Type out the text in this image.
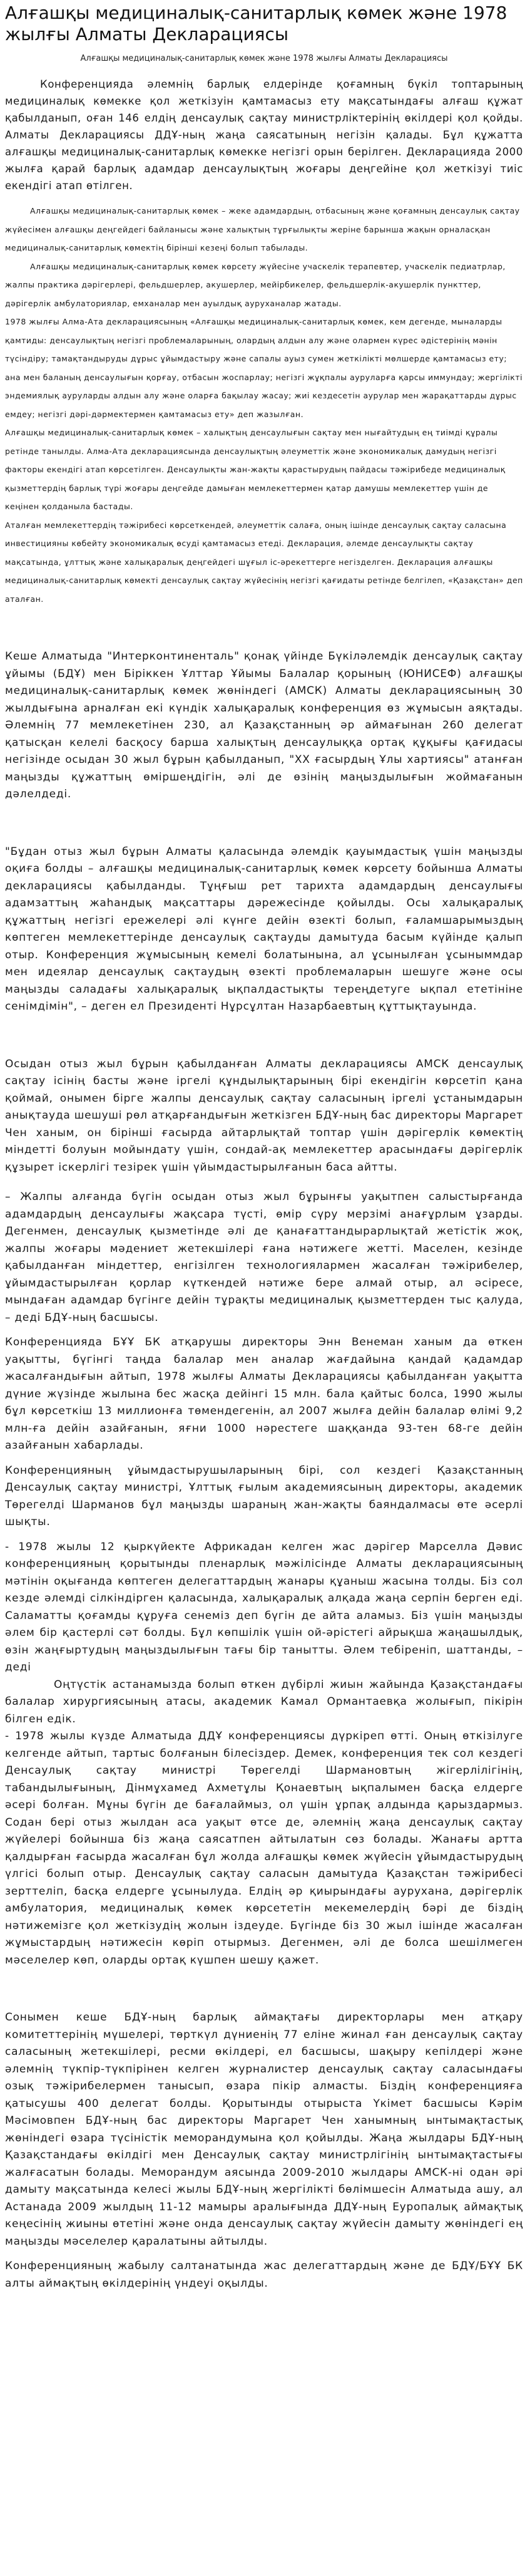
Алғашқы медициналық-санитарлық көмек және 1978 жылғы Алматы Декларациясы
Алғашқы медициналық-санитарлық көмек және 1978 жылғы Алматы Декларациясы

Конференцияда әлемнің барлық елдерінде қоғамның бүкіл топтарының медициналық көмекке қол жеткізуін қамтамасыз ету мақсатындағы алғаш құжат қабылданып, оған 146 елдің денсаулық сақтау министрліктерінің өкілдері қол қойды. Алматы Декларациясы ДДҰ-ның жаңа саясатының негізін қалады. Бұл құжатта алғашқы медициналық-санитарлық көмекке негізгі орын берілген. Декларацияда 2000 жылға қарай барлық адамдар денсаулықтың жоғары деңгейіне қол жеткізуі тиіс екендігі атап өтілген.

Алғашқы медициналық-санитарлық көмек – жеке адамдардың, отбасының және қоғамның денсаулық сақтау жүйесімен алғашқы деңгейдегі байланысы және халықтың тұрғылықты жеріне барынша жақын орналасқан медициналық-санитарлық көмектің бірінші кезеңі болып табылады.

Алғашқы медициналық-санитарлық көмек көрсету жүйесіне учаскелік терапевтер, учаскелік педиатрлар, жалпы практика дәрігерлері, фельдшерлер, акушерлер, мейірбикелер, фельдшерлік-акушерлік пункттер, дәрігерлік амбулаториялар, емханалар мен ауылдық ауруханалар жатады.

1978 жылғы Алма-Ата декларациясының «Алғашқы медициналық-санитарлық көмек, кем дегенде, мыналарды қамтиды: денсаулықтың негізгі проблемаларының, олардың алдын алу және олармен күрес әдістерінің мәнін түсіндіру; тамақтандыруды дұрыс ұйымдастыру және сапалы ауыз сумен жеткілікті мөлшерде қамтамасыз ету; ана мен баланың денсаулығын қорғау, отбасын жоспарлау; негізгі жұқпалы ауруларға қарсы иммундау; жергілікті эндемиялық ауруларды алдын алу және оларға бақылау жасау; жиі кездесетін аурулар мен жарақаттарды дұрыс емдеу; негізгі дәрі-дәрмектермен қамтамасыз ету» деп жазылған.

Алғашқы медициналық-санитарлық көмек – халықтың денсаулығын сақтау мен нығайтудың ең тиімді құралы ретінде танылды. Алма-Ата декларациясында денсаулықтың әлеуметтік және экономикалық дамудың негізгі факторы екендігі атап көрсетілген. Денсаулықты жан-жақты қарастырудың пайдасы тәжірибеде медициналық қызметтердің барлық түрі жоғары деңгейде дамыған мемлекеттермен қатар дамушы мемлекеттер үшін де кеңінен қолданыла бастады.

Аталған мемлекеттердің тәжірибесі көрсеткендей, әлеуметтік салаға, оның ішінде денсаулық сақтау саласына инвестицияны көбейту экономикалық өсуді қамтамасыз етеді. Декларация, әлемде денсаулықты сақтау мақсатында, ұлттық және халықаралық деңгейдегі шұғыл іс-әрекеттерге негізделген. Декларация алғашқы медициналық-санитарлық көмекті денсаулық сақтау жүйесінің негізгі қағидаты ретінде белгілеп, «Қазақстан» деп аталған.

Кеше Алматыда "Интерконтиненталь" қонақ үйінде Бүкіләлемдік денсаулық сақтау ұйымы (БДҰ) мен Біріккен Ұлттар Ұйымы Балалар қорының (ЮНИСЕФ) алғашқы медициналық-санитарлық көмек жөніндегі (АМСК) Алматы декларациясының 30 жылдығына арналған екі күндік халықаралық конференция өз жұмысын аяқтады. Әлемнің 77 мемлекетінен 230, ал Қазақстанның әр аймағынан 260 делегат қатысқан келелі басқосу барша халықтың денсаулыққа ортақ құқығы қағидасы негізінде осыдан 30 жыл бұрын қабылданып, "ХХ ғасырдың Ұлы хартиясы" атанған маңызды құжаттың өміршеңдігін, әлі де өзінің маңыздылығын жоймағанын дәлелдеді.

"Бұдан отыз жыл бұрын Алматы қаласында әлемдік қауымдастық үшін маңызды оқиға болды – алғашқы медициналық-санитарлық көмек көрсету бойынша Алматы декларациясы қабылданды. Тұңғыш рет тарихта адамдардың денсаулығы адамзаттың жаһандық мақсаттары дәрежесінде қойылды. Осы халықаралық құжаттың негізгі ережелері әлі күнге дейін өзекті болып, ғаламшарымыздың көптеген мемлекеттерінде денсаулық сақтауды дамытуда басым күйінде қалып отыр. Конференция жұмысының кемелі болатынына, ал ұсынылған ұсыныммдар мен идеялар денсаулық сақтаудың өзекті проблемаларын шешуге және осы маңызды саладағы халықаралық ықпалдастықты тереңдетуге ықпал ететініне сенімдімін", – деген ел Президенті Нұрсұлтан Назарбаевтың құттықтауында.

Осыдан отыз жыл бұрын қабылданған Алматы декларациясы АМСК денсаулық сақтау ісінің басты және іргелі құндылықтарының бірі екендігін көрсетіп қана қоймай, онымен бірге жалпы денсаулық сақтау саласының іргелі ұстанымдарын анықтауда шешуші рөл атқарғандығын жеткізген БДҰ-ның бас директоры Маргарет Чен ханым, он бірінші ғасырда айтарлықтай топтар үшін дәрігерлік көмектің міндетті болуын мойындату үшін, сондай-ақ мемлекеттер арасындағы дәрігерлік құзырет іскерлігі тезірек үшін үйымдастырылғанын баса айтты.

– Жалпы алғанда бүгін осыдан отыз жыл бұрынғы уақытпен салыстырғанда адамдардың денсаулығы жақсара түсті, өмір сүру мерзімі анағұрлым ұзарды. Дегенмен, денсаулық қызметінде әлі де қанағаттандырарлықтай жетістік жоқ, жалпы жоғары мәдениет жетекшілері ғана нәтижеге жетті. Маселен, кезінде қабылданған міндеттер, енгізілген технологиялармен жасалған тәжірибелер, ұйымдастырылған қорлар күткендей нәтиже бере алмай отыр, ал әсіресе, мындаған адамдар бүгінге дейін тұрақты медициналық қызметтерден тыс қалуда, – деді БДҰ-ның басшысы.

Конференцияда БҰҰ БК атқарушы директоры Энн Венеман ханым да өткен уақытты, бүгінгі таңда балалар мен аналар жағдайына қандай қадамдар жасалғандығын айтып, 1978 жылғы Алматы Декларациясы қабылданған уақытта дүние жүзінде жылына бес жасқа дейінгі 15 млн. бала қайтыс болса, 1990 жылы бұл көрсеткіш 13 миллионға төмендегенін, ал 2007 жылға дейін балалар өлімі 9,2 млн-ға дейін азайғанын, яғни 1000 нәрестеге шаққанда 93-тен 68-ге дейін азайғанын хабарлады.

Конференцияның ұйымдастырушыларының бірі, сол кездегі Қазақстанның Денсаулық сақтау министрі, Ұлттық ғылым академиясының директоры, академик Төрегелді Шарманов бұл маңызды шараның жан-жақты баяндалмасы өте әсерлі шықты.

- 1978 жылы 12 қыркүйекте Африкадан келген жас дәрігер Марселла Дәвис конференцияның қорытынды пленарлық мәжілісінде Алматы декларациясының мәтінін оқығанда көптеген делегаттардың жанары құаныш жасына толды. Біз сол кезде әлемді сілкіндірген қаласында, халықаралық алқада жаңа серпін берген еді. Саламатты қоғамды құруға сенеміз деп бүгін де айта аламыз. Біз үшін маңызды әлем бір қастерлі сәт болды. Бұл көпшілік үшін ой-әрістегі айрықша жаңашылдық, өзін жаңғыртудың маңыздылығын тағы бір танытты. Әлем тебіреніп, шаттанды, – деді

Оңтүстік астанамызда болып өткен дүбірлі жиын жайында Қазақстандағы балалар хирургиясының атасы, академик Камал Ормантаевқа жолығып, пікірін білген едік.

- 1978 жылы күзде Алматыда ДДҰ конференциясы дүркіреп өтті. Оның өткізілуге келгенде айтып, тартыс болғанын білесіздер. Демек, конференция тек сол кездегі Денсаулық сақтау министрі Төрегелді Шармановтың жігерлілігінің, табандылығының, Дінмұхамед Ахметұлы Қонаевтың ықпалымен басқа елдерге әсері болған. Мұны бүгін де бағалаймыз, ол үшін ұрпақ алдында қарыздармыз. Содан бері отыз жылдан аса уақыт өтсе де, әлемнің жаңа денсаулық сақтау жүйелері бойынша біз жаңа саясатпен айтылатын сөз болады. Жанағы артта қалдырған ғасырда жасалған бұл жолда алғашқы көмек жүйесін ұйымдастырудың үлгісі болып отыр. Денсаулық сақтау саласын дамытуда Қазақстан тәжірибесі зерттеліп, басқа елдерге ұсынылуда. Елдің әр қиырындағы аурухана, дәрігерлік амбулатория, медициналық көмек көрсететін мекемелердің бәрі де біздің нәтижемізге қол жеткізудің жолын іздеуде. Бүгінде біз 30 жыл ішінде жасалған жұмыстардың нәтижесін көріп отырмыз. Дегенмен, әлі де болса шешілмеген мәселелер көп, оларды ортақ күшпен шешу қажет.

Сонымен кеше БДҰ-ның барлық аймақтағы директорлары мен атқару комитеттерінің мүшелері, төрткүл дүниенің 77 еліне жинал ған денсаулық сақтау саласының жетекшілері, ресми өкілдері, ел басшысы, шақыру кепілдері және әлемнің түкпір-түкпірінен келген журналистер денсаулық сақтау саласындағы озық тәжірибелермен танысып, өзара пікір алмасты. Біздің конференцияға қатысушы 400 делегат болды. Қорытынды отырыста Үкімет басшысы Кәрім Мәсімовпен БДҰ-ның бас директоры Маргарет Чен ханымның ынтымақтастық жөніндегі өзара түсіністік меморандумына қол қойылды. Жаңа жылдары БДҰ-ның Қазақстандағы өкілдігі мен Денсаулық сақтау министрлігінің ынтымақтастығы жалғасатын болады. Меморандум аясында 2009-2010 жылдары АМСК-ні одан әрі дамыту мақсатында келесі жылы БДҰ-ның жергілікті бөлімшесін Алматыда ашу, ал Астанада 2009 жылдың 11-12 мамыры аралығында ДДҰ-ның Еуропалық аймақтық кеңесінің жиыны өтетіні және онда денсаулық сақтау жүйесін дамыту жөніндегі ең маңызды мәселелер қаралатыны айтылды.

Конференцияның жабылу салтанатында жас делегаттардың және де БДҰ/БҰҰ БК алты аймақтың өкілдерінің үндеуі оқылды.
